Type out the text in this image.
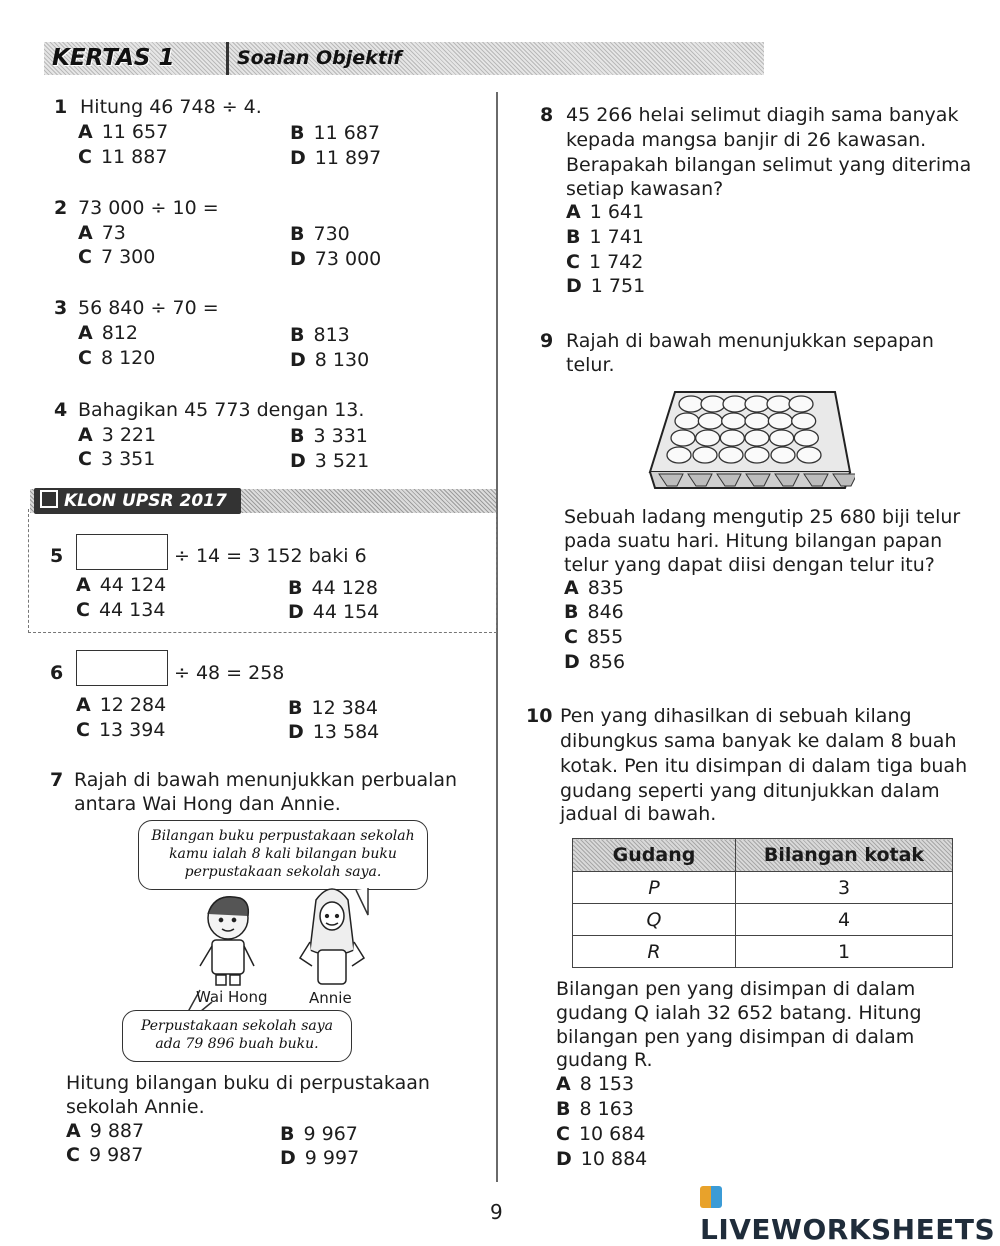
KERTAS 1	Soalan Objektif
1 Hitung 46 748 ÷ 4.
A 11 657	B 11 687
C 11 887	D 11 897
2 73 000 ÷ 10 =
A 73	B 730
C 7 300	D 73 000
3 56 840 ÷ 70 =
A 812	B 813
C 8 120	D 8 130
4 Bahagikan 45 773 dengan 13.
A 3 221	B 3 331
C 3 351	D 3 521
KLON UPSR 2017
5	÷ 14 = 3 152 baki 6
A 44 124	B 44 128
C 44 134	D 44 154
6	÷ 48 = 258
A 12 284	B 12 384
C 13 394	D 13 584
7 Rajah di bawah menunjukkan perbualan
antara Wai Hong dan Annie.
Bilangan buku perpustakaan sekolah
kamu ialah 8 kali bilangan buku
perpustakaan sekolah saya.
Wai Hong	Annie
Perpustakaan sekolah saya
ada 79 896 buah buku.
Hitung bilangan buku di perpustakaan
sekolah Annie.
A 9 887	B 9 967
C 9 987	D 9 997
8 45 266 helai selimut diagih sama banyak
kepada mangsa banjir di 26 kawasan.
Berapakah bilangan selimut yang diterima
setiap kawasan?
A 1 641
B 1 741
C 1 742
D 1 751
9 Rajah di bawah menunjukkan sepapan
telur.
Sebuah ladang mengutip 25 680 biji telur
pada suatu hari. Hitung bilangan papan
telur yang dapat diisi dengan telur itu?
A 835
B 846
C 855
D 856
10 Pen yang dihasilkan di sebuah kilang
dibungkus sama banyak ke dalam 8 buah
kotak. Pen itu disimpan di dalam tiga buah
gudang seperti yang ditunjukkan dalam
jadual di bawah.
Gudang	Bilangan kotak
P	3
Q	4
R	1
Bilangan pen yang disimpan di dalam
gudang Q ialah 32 652 batang. Hitung
bilangan pen yang disimpan di dalam
gudang R.
A 8 153
B 8 163
C 10 684
D 10 884
9
LIVEWORKSHEETS
